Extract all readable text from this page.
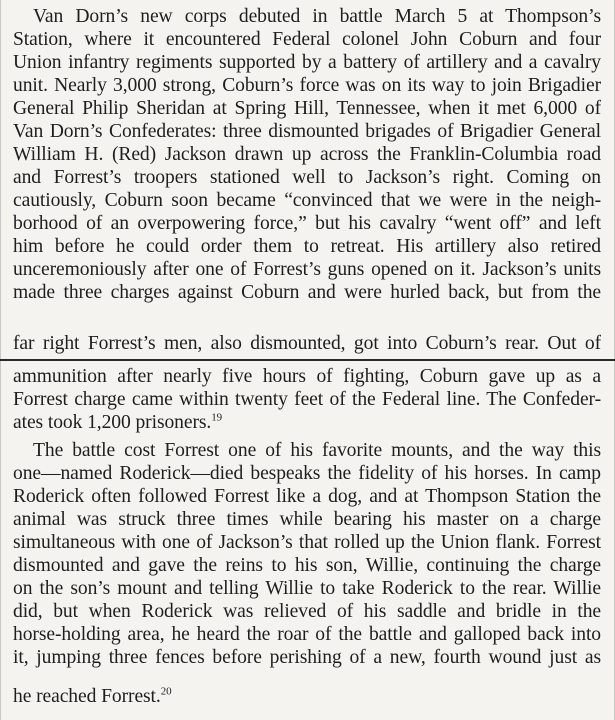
Van Dorn’s new corps debuted in battle March 5 at Thompson’s
Station, where it encountered Federal colonel John Coburn and four
Union infantry regiments supported by a battery of artillery and a cavalry
unit. Nearly 3,000 strong, Coburn’s force was on its way to join Brigadier
General Philip Sheridan at Spring Hill, Tennessee, when it met 6,000 of
Van Dorn’s Confederates: three dismounted brigades of Brigadier General
William H. (Red) Jackson drawn up across the Franklin-Columbia road
and Forrest’s troopers stationed well to Jackson’s right. Coming on
cautiously, Coburn soon became “convinced that we were in the neigh-
borhood of an overpowering force,” but his cavalry “went off” and left
him before he could order them to retreat. His artillery also retired
unceremoniously after one of Forrest’s guns opened on it. Jackson’s units
made three charges against Coburn and were hurled back, but from the
far right Forrest’s men, also dismounted, got into Coburn’s rear. Out of
ammunition after nearly five hours of fighting, Coburn gave up as a
Forrest charge came within twenty feet of the Federal line. The Confeder-
ates took 1,200 prisoners.$^{19}$
The battle cost Forrest one of his favorite mounts, and the way this
one—named Roderick—died bespeaks the fidelity of his horses. In camp
Roderick often followed Forrest like a dog, and at Thompson Station the
animal was struck three times while bearing his master on a charge
simultaneous with one of Jackson’s that rolled up the Union flank. Forrest
dismounted and gave the reins to his son, Willie, continuing the charge
on the son’s mount and telling Willie to take Roderick to the rear. Willie
did, but when Roderick was relieved of his saddle and bridle in the
horse-holding area, he heard the roar of the battle and galloped back into
it, jumping three fences before perishing of a new, fourth wound just as
he reached Forrest.$^{20}$
